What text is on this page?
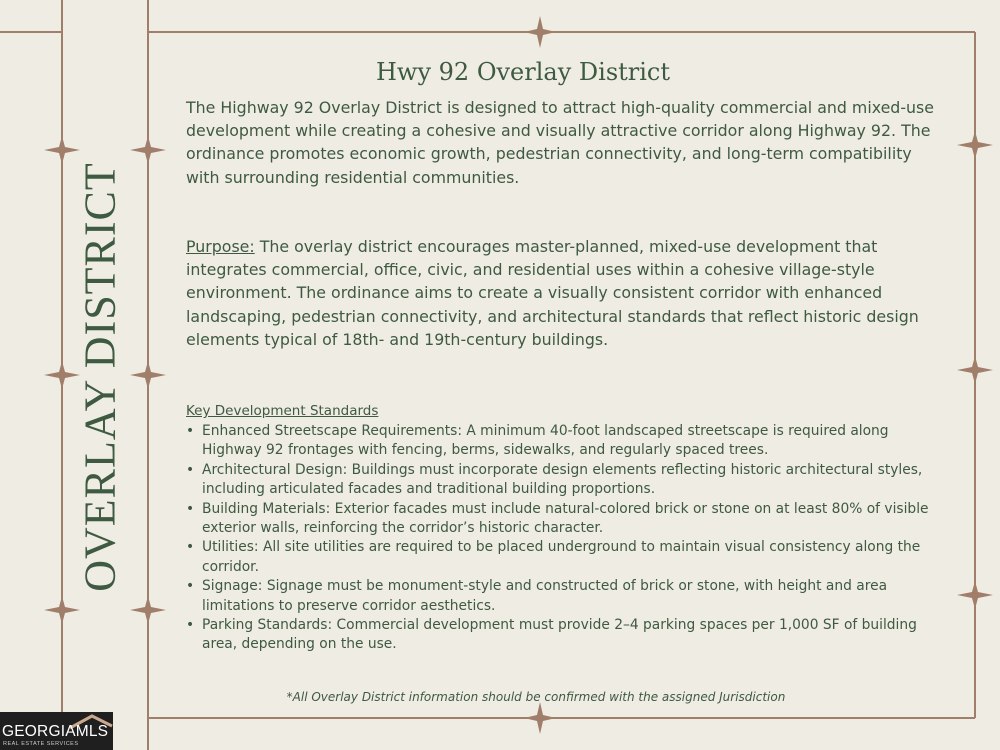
OVERLAY DISTRICT
Hwy 92 Overlay District

The Highway 92 Overlay District is designed to attract high-quality commercial and mixed-use development while creating a cohesive and visually attractive corridor along Highway 92. The ordinance promotes economic growth, pedestrian connectivity, and long-term compatibility with surrounding residential communities.

Purpose: The overlay district encourages master-planned, mixed-use development that integrates commercial, office, civic, and residential uses within a cohesive village-style environment. The ordinance aims to create a visually consistent corridor with enhanced landscaping, pedestrian connectivity, and architectural standards that reflect historic design elements typical of 18th- and 19th-century buildings.

Key Development Standards
• Enhanced Streetscape Requirements: A minimum 40-foot landscaped streetscape is required along Highway 92 frontages with fencing, berms, sidewalks, and regularly spaced trees.
• Architectural Design: Buildings must incorporate design elements reflecting historic architectural styles, including articulated facades and traditional building proportions.
• Building Materials: Exterior facades must include natural-colored brick or stone on at least 80% of visible exterior walls, reinforcing the corridor’s historic character.
• Utilities: All site utilities are required to be placed underground to maintain visual consistency along the corridor.
• Signage: Signage must be monument-style and constructed of brick or stone, with height and area limitations to preserve corridor aesthetics.
• Parking Standards: Commercial development must provide 2–4 parking spaces per 1,000 SF of building area, depending on the use.
*All Overlay District information should be confirmed with the assigned Jurisdiction
GEORGIAMLS
REAL ESTATE SERVICES
